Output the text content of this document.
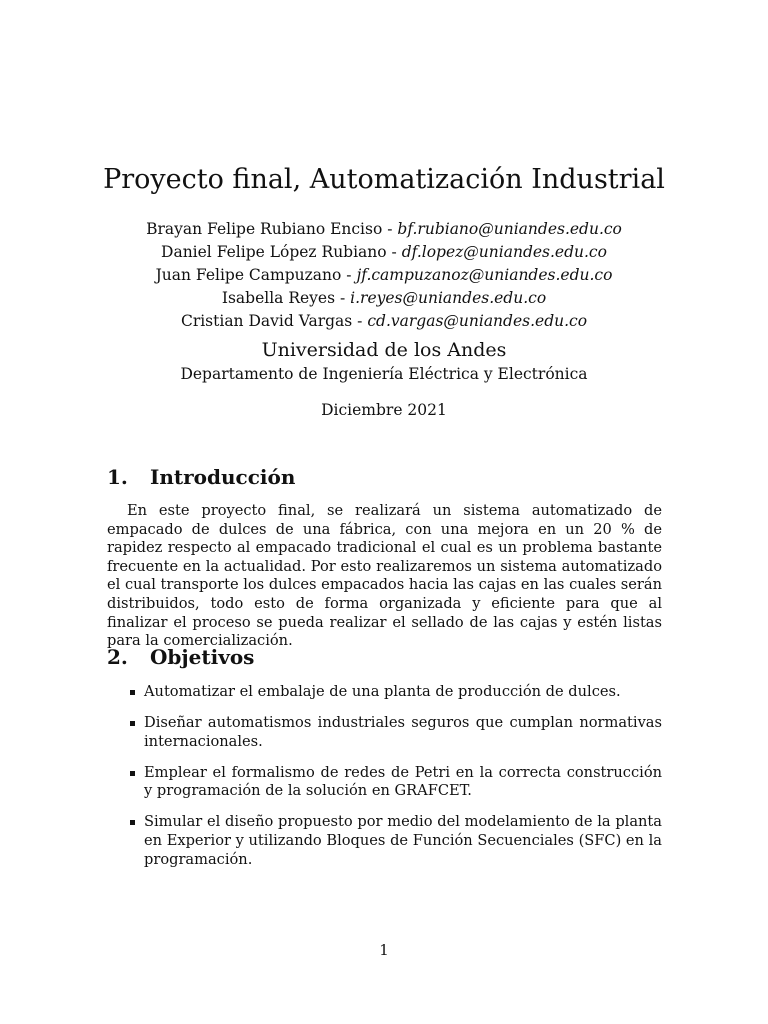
Proyecto final, Automatización Industrial
Brayan Felipe Rubiano Enciso - bf.rubiano@uniandes.edu.co
Daniel Felipe López Rubiano - df.lopez@uniandes.edu.co
Juan Felipe Campuzano - jf.campuzanoz@uniandes.edu.co
Isabella Reyes - i.reyes@uniandes.edu.co
Cristian David Vargas - cd.vargas@uniandes.edu.co
Universidad de los Andes
Departamento de Ingeniería Eléctrica y Electrónica
Diciembre 2021
1. Introducción

En este proyecto final, se realizará un sistema automatizado de empacado de dulces de una fábrica, con una mejora en un 20 % de rapidez respecto al empacado tradicional el cual es un problema bastante frecuente en la actualidad. Por esto realizaremos un sistema automatizado el cual transporte los dulces empacados hacia las cajas en las cuales serán distribuidos, todo esto de forma organizada y eficiente para que al finalizar el proceso se pueda realizar el sellado de las cajas y estén listas para la comercialización.

2. Objetivos
Automatizar el embalaje de una planta de producción de dulces.
Diseñar automatismos industriales seguros que cumplan normativas internacionales.
Emplear el formalismo de redes de Petri en la correcta construcción y programación de la solución en GRAFCET.
Simular el diseño propuesto por medio del modelamiento de la planta en Experior y utilizando Bloques de Función Secuenciales (SFC) en la programación.
1
